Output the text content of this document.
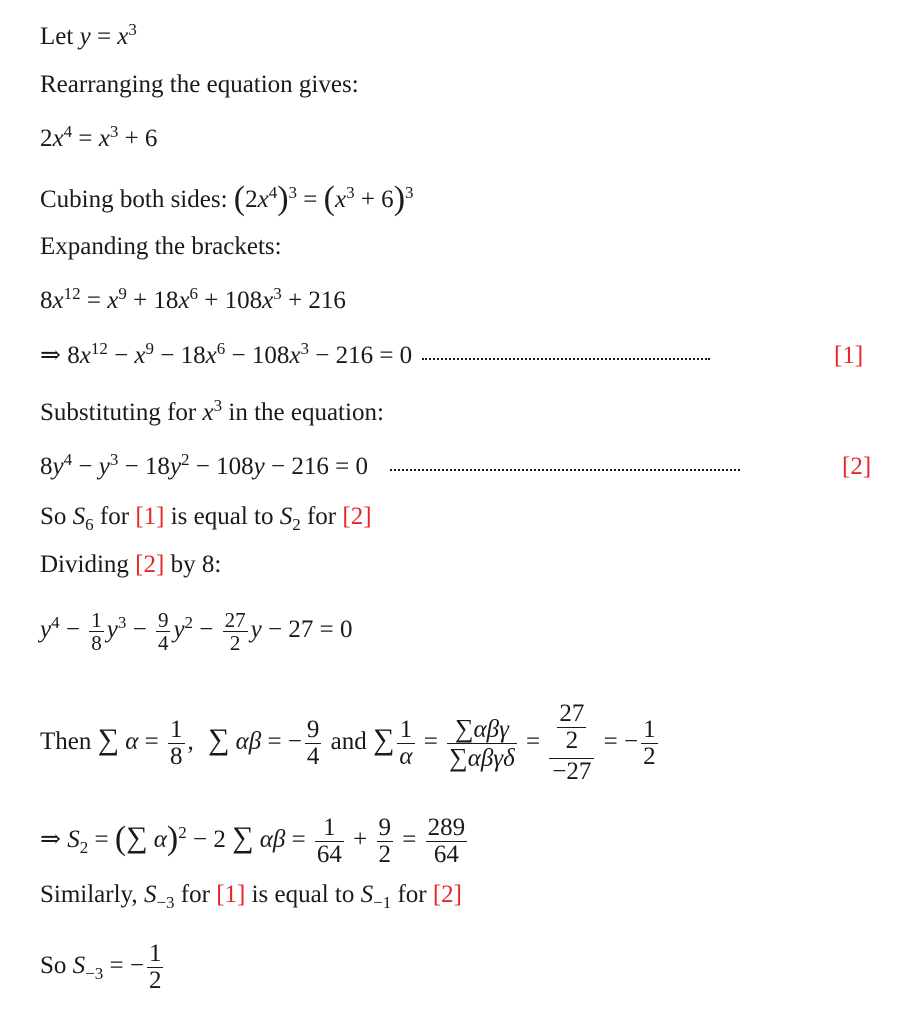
Let $y = x^3$
Rearranging the equation gives:
$2x^4 = x^3 + 6$
Cubing both sides: $(2x^4)^3 = (x^3 + 6)^3$
Expanding the brackets:
$8x^{12} = x^9 + 18x^6 + 108x^3 + 216$
⇒ $8x^{12} - x^9 - 18x^6 - 108x^3 - 216 = 0$	[1]
Substituting for $x^3$ in the equation:
$8y^4 - y^3 - 18y^2 - 108y - 216 = 0$	[2]
So $S_6$ for [1] is equal to $S_2$ for [2]
Dividing [2] by 8:
$y^4 - \frac{1}{8} y^3 - \frac{9}{4} y^2 - \frac{27}{2}$ y − 27 = 0
Then ∑ $\alpha = \frac{1}{8}$ , ∑ αβ = − $\frac{9}{4}$ and ∑ $\frac{1}{\alpha} = \frac{\text{∑αβγ}}{\text{∑αβγδ}} = \frac{\frac{27}{2}}{-27}$ = − $\frac{1}{2}$
⇒ $S_2$ = (∑ α)$^2$ − 2 ∑ $\alpha\beta = \frac{1}{64} + \frac{9}{2} = \frac{289}{64}$
Similarly, $S_{-3}$ for [1] is equal to $S_{-1}$ for [2]
So $S_{-3}$ = − $\frac{1}{2}$
